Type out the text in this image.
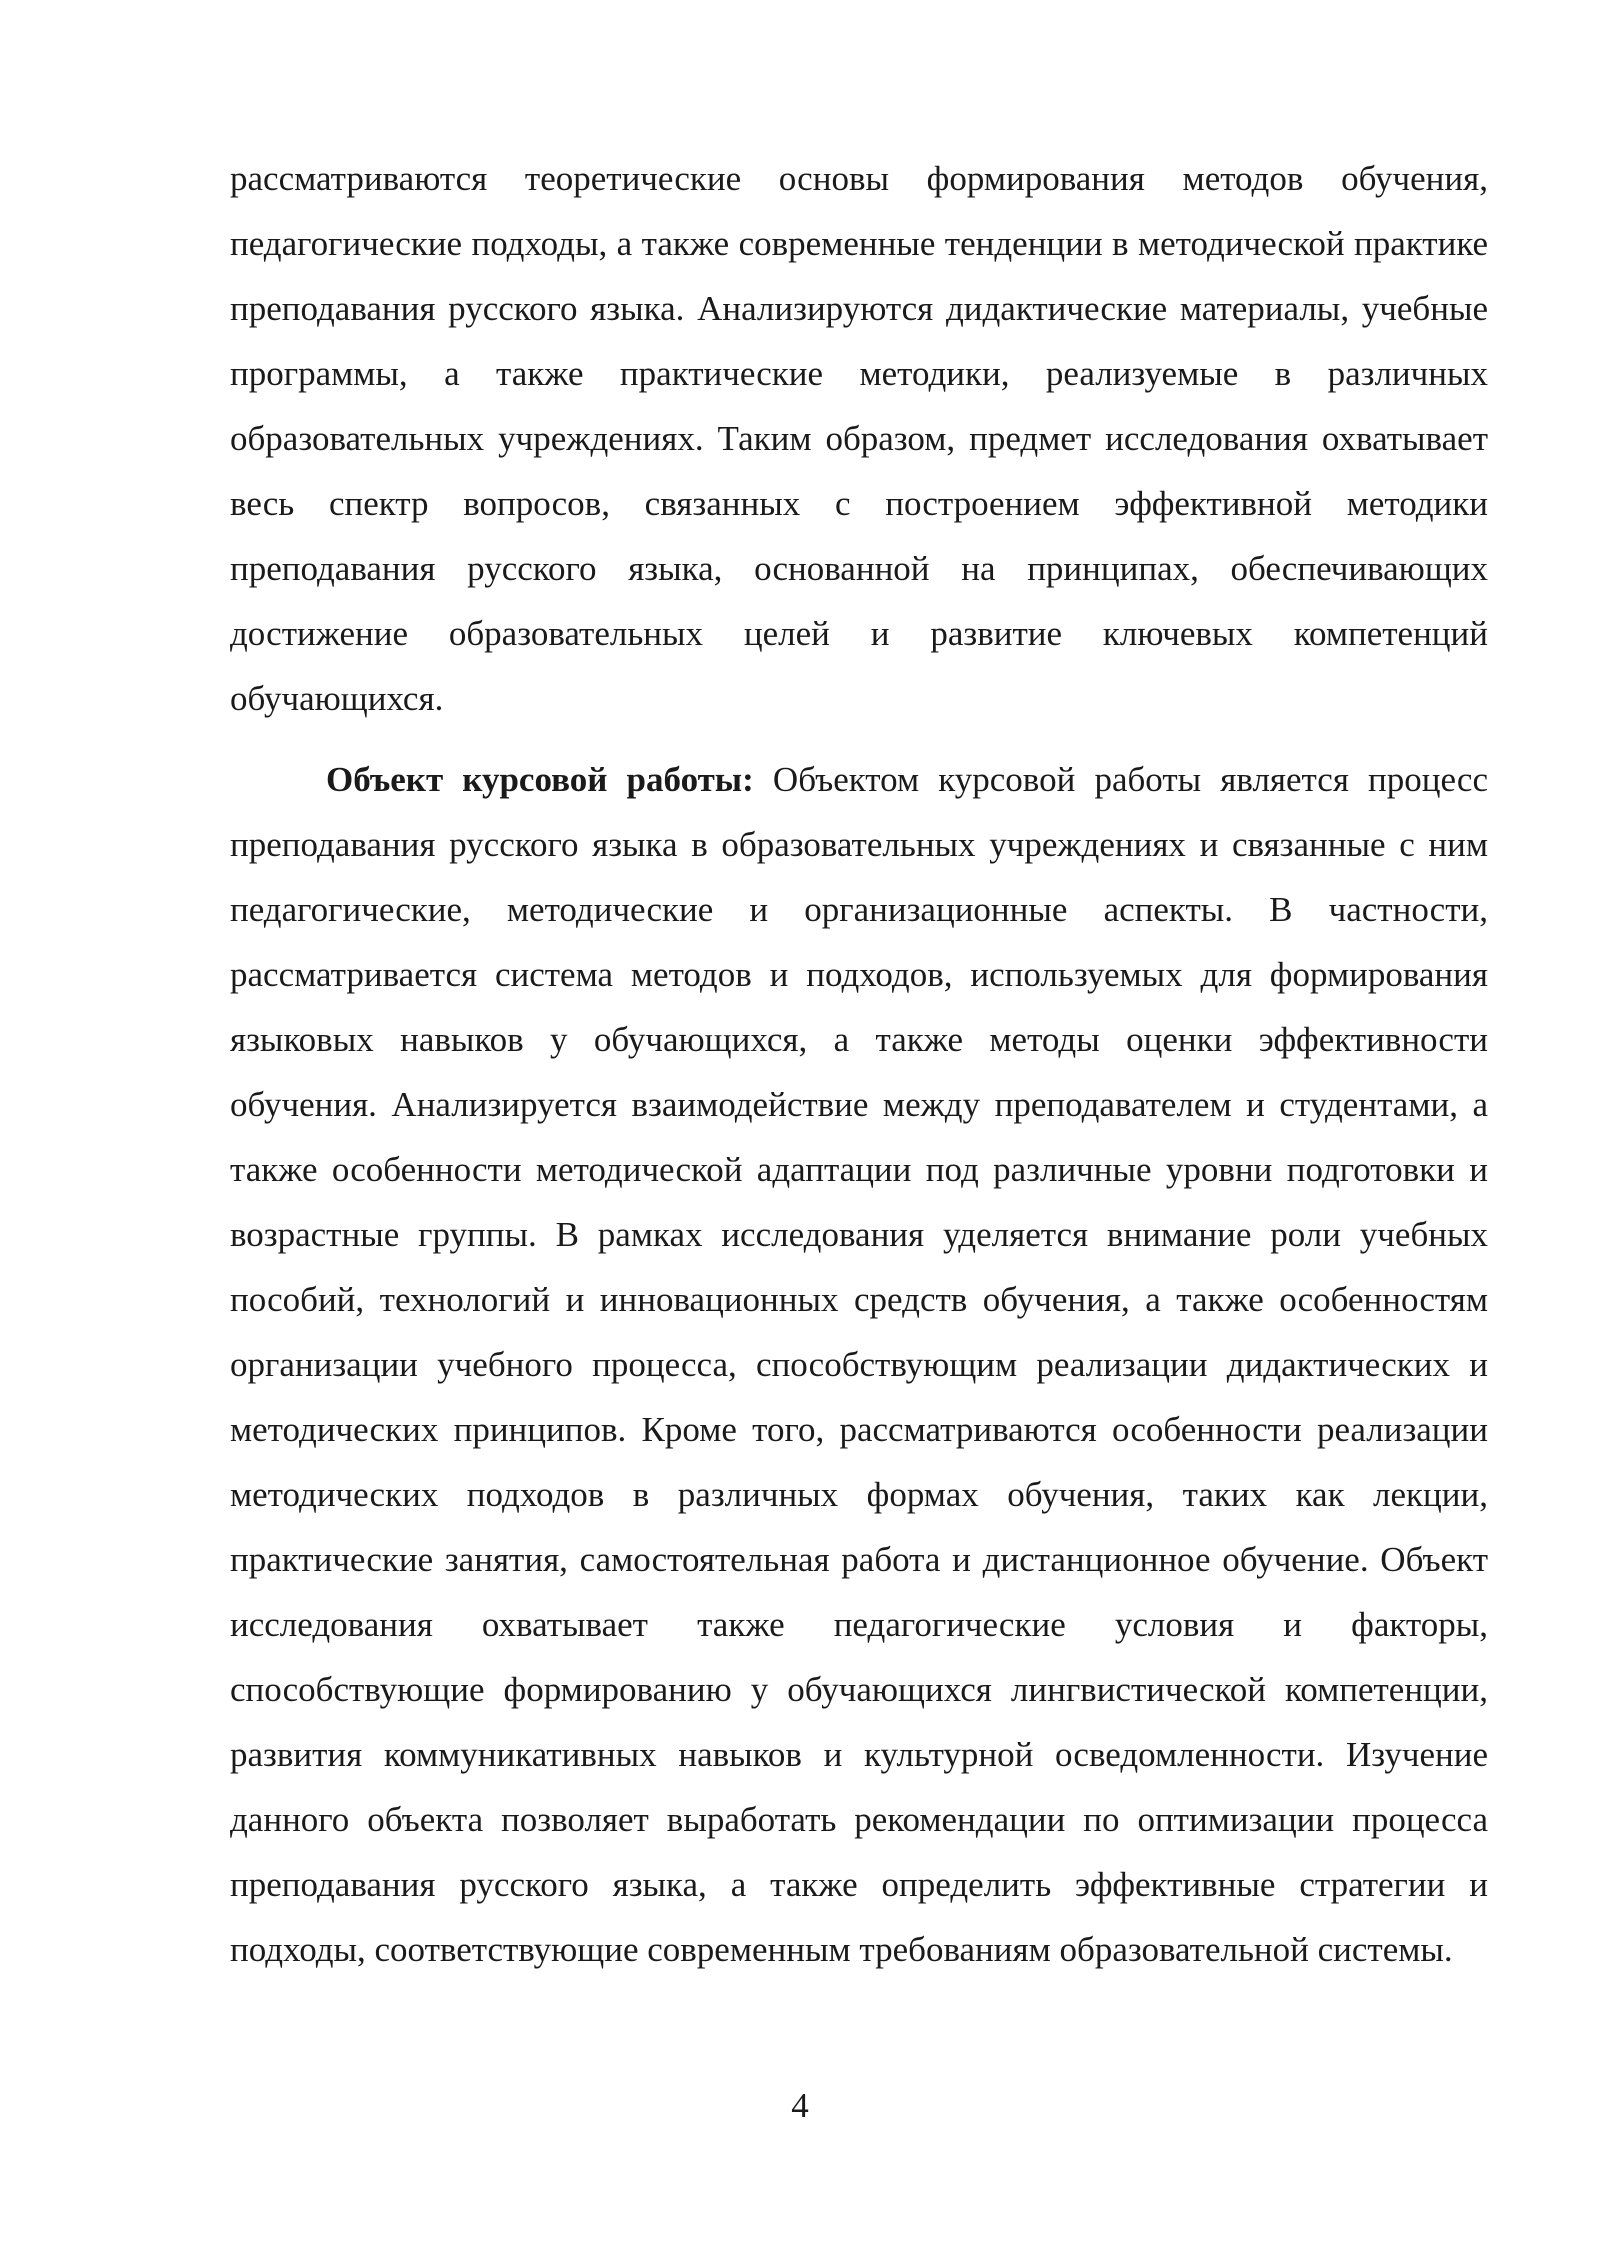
рассматриваются теоретические основы формирования методов обучения, педагогические подходы, а также современные тенденции в методической практике преподавания русского языка. Анализируются дидактические материалы, учебные программы, а также практические методики, реализуемые в различных образовательных учреждениях. Таким образом, предмет исследования охватывает весь спектр вопросов, связанных с построением эффективной методики преподавания русского языка, основанной на принципах, обеспечивающих достижение образовательных целей и развитие ключевых компетенций обучающихся.

Объект курсовой работы: Объектом курсовой работы является процесс преподавания русского языка в образовательных учреждениях и связанные с ним педагогические, методические и организационные аспекты. В частности, рассматривается система методов и подходов, используемых для формирования языковых навыков у обучающихся, а также методы оценки эффективности обучения. Анализируется взаимодействие между преподавателем и студентами, а также особенности методической адаптации под различные уровни подготовки и возрастные группы. В рамках исследования уделяется внимание роли учебных пособий, технологий и инновационных средств обучения, а также особенностям организации учебного процесса, способствующим реализации дидактических и методических принципов. Кроме того, рассматриваются особенности реализации методических подходов в различных формах обучения, таких как лекции, практические занятия, самостоятельная работа и дистанционное обучение. Объект исследования охватывает также педагогические условия и факторы, способствующие формированию у обучающихся лингвистической компетенции, развития коммуникативных навыков и культурной осведомленности. Изучение данного объекта позволяет выработать рекомендации по оптимизации процесса преподавания русского языка, а также определить эффективные стратегии и подходы, соответствующие современным требованиям образовательной системы.

4
